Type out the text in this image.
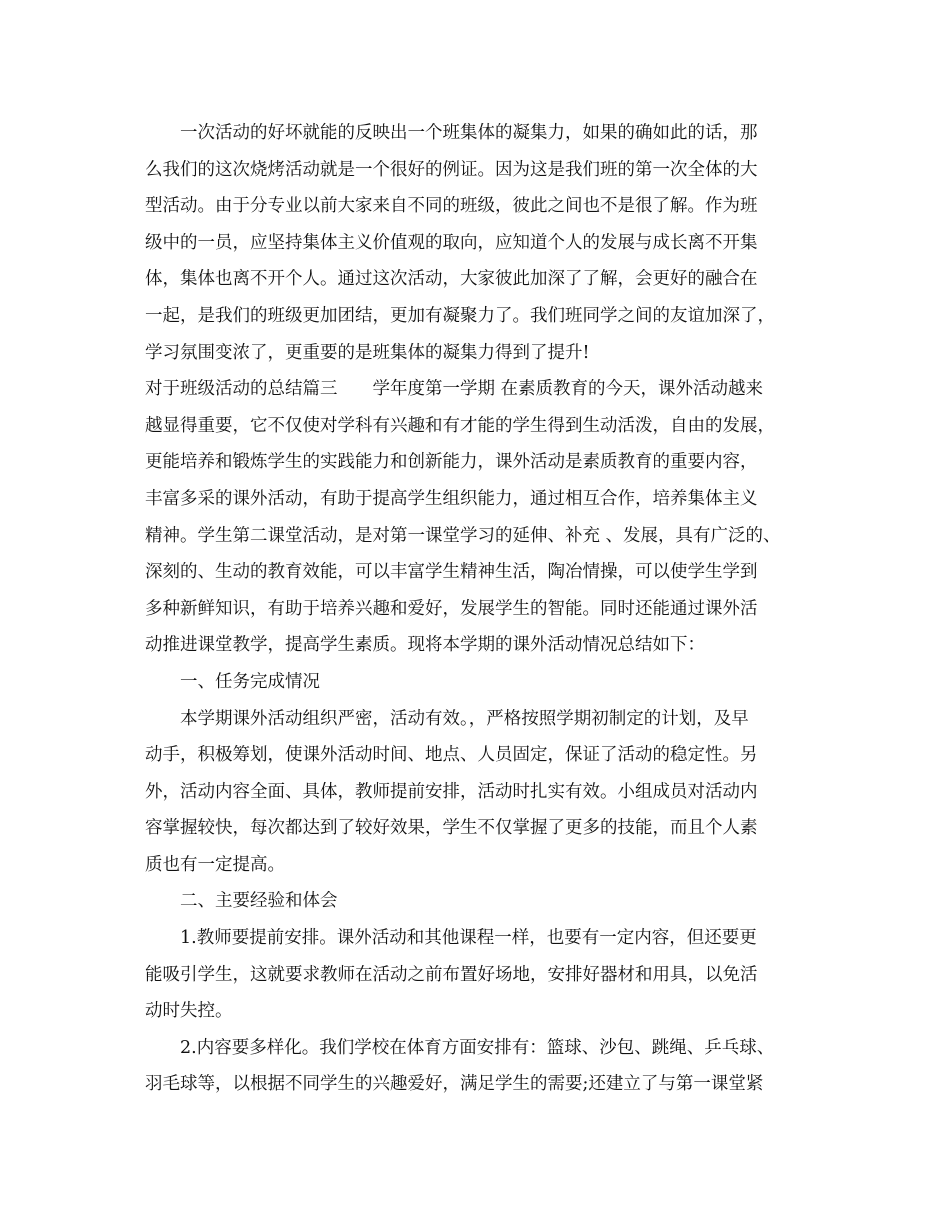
一次活动的好坏就能的反映出一个班集体的凝集力，如果的确如此的话，那
么我们的这次烧烤活动就是一个很好的例证。因为这是我们班的第一次全体的大
型活动。由于分专业以前大家来自不同的班级，彼此之间也不是很了解。作为班
级中的一员，应坚持集体主义价值观的取向，应知道个人的发展与成长离不开集
体，集体也离不开个人。通过这次活动，大家彼此加深了了解，会更好的融合在
一起，是我们的班级更加团结，更加有凝聚力了。我们班同学之间的友谊加深了，
学习氛围变浓了，更重要的是班集体的凝集力得到了提升!
对于班级活动的总结篇三　　学年度第一学期 在素质教育的今天，课外活动越来
越显得重要，它不仅使对学科有兴趣和有才能的学生得到生动活泼，自由的发展，
更能培养和锻炼学生的实践能力和创新能力，课外活动是素质教育的重要内容，
丰富多采的课外活动，有助于提高学生组织能力，通过相互合作，培养集体主义
精神。学生第二课堂活动，是对第一课堂学习的延伸、补充 、发展，具有广泛的、
深刻的、生动的教育效能，可以丰富学生精神生活，陶冶情操，可以使学生学到
多种新鲜知识，有助于培养兴趣和爱好，发展学生的智能。同时还能通过课外活
动推进课堂教学，提高学生素质。现将本学期的课外活动情况总结如下：
一、任务完成情况
本学期课外活动组织严密，活动有效。，严格按照学期初制定的计划，及早
动手，积极筹划，使课外活动时间、地点、人员固定，保证了活动的稳定性。另
外，活动内容全面、具体，教师提前安排，活动时扎实有效。小组成员对活动内
容掌握较快，每次都达到了较好效果，学生不仅掌握了更多的技能，而且个人素
质也有一定提高。
二、主要经验和体会
1.教师要提前安排。课外活动和其他课程一样，也要有一定内容，但还要更
能吸引学生，这就要求教师在活动之前布置好场地，安排好器材和用具，以免活
动时失控。
2.内容要多样化。我们学校在体育方面安排有：篮球、沙包、跳绳、乒乓球、
羽毛球等，以根据不同学生的兴趣爱好，满足学生的需要;还建立了与第一课堂紧
